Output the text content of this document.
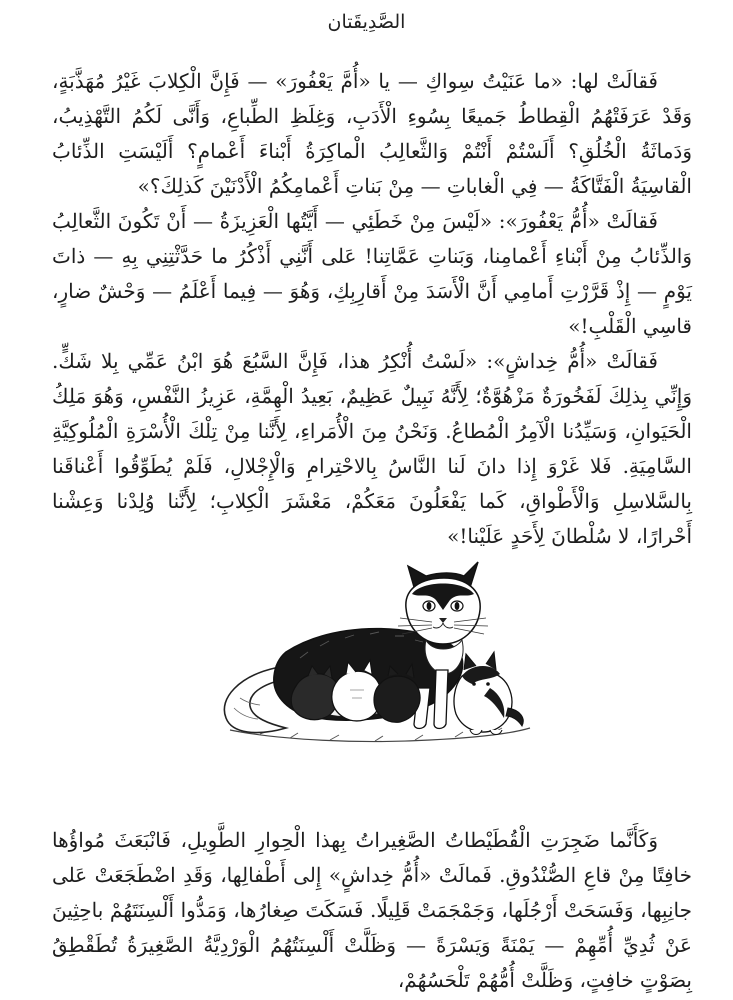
الصَّدِيقَتان

فَقالَتْ لها: «ما عَنَيْتُ سِواكِ — يا «أُمَّ يَعْفُورَ» — فَإِنَّ الْكِلابَ غَيْرُ مُهَذَّبَةٍ، وَقَدْ عَرَفَتْهُمُ الْقِطاطُ جَميعًا بِسُوءِ الْأَدَبِ، وَغِلَظِ الطِّباعِ، وَأَنَّى لَكُمُ التَّهْذِيبُ، وَدَماثَةُ الْخُلُقِ؟ أَلَسْتُمْ أَنْتُمْ وَالثَّعالِبُ الْماكِرَةُ أَبْناءَ أَعْمامٍ؟ أَلَيْسَتِ الذِّئابُ الْقاسِيَةُ الْفَتَّاكَةُ — فِي الْغاباتِ — مِنْ بَناتِ أَعْمامِكُمُ الْأَدْنَيْنَ كَذلِكَ؟»

فَقالَتْ «أُمُّ يَعْفُورَ»: «لَيْسَ مِنْ خَطَئِي — أَيَّتُها الْعَزِيزَةُ — أَنْ تَكُونَ الثَّعالِبُ وَالذِّئابُ مِنْ أَبْناءِ أَعْمامِنا، وَبَناتِ عَمَّاتِنا! عَلى أَنَّنِي أَذْكُرُ ما حَدَّثْتِنِي بِهِ — ذاتَ يَوْمٍ — إِذْ قَرَّرْتِ أَمامِي أَنَّ الْأَسَدَ مِنْ أَقارِبِكِ، وَهُوَ — فِيما أَعْلَمُ — وَحْشٌ ضارٍ، قاسِي الْقَلْبِ!»

فَقالَتْ «أُمُّ خِداشٍ»: «لَسْتُ أُنْكِرُ هذا، فَإِنَّ السَّبُعَ هُوَ ابْنُ عَمِّي بِلا شَكٍّ. وَإِنِّي بِذلِكَ لَفَخُورَةٌ مَزْهُوَّةٌ؛ لِأَنَّهُ نَبِيلٌ عَظِيمٌ، بَعِيدُ الْهِمَّةِ، عَزِيزُ النَّفْسِ، وَهُوَ مَلِكُ الْحَيَوانِ، وَسَيِّدُنا الْآمِرُ الْمُطاعُ. وَنَحْنُ مِنَ الْأُمَراءِ، لِأَنَّنا مِنْ تِلْكَ الْأُسْرَةِ الْمُلُوكِيَّةِ السَّامِيَةِ. فَلا غَرْوَ إِذا دانَ لَنا النَّاسُ بِالاحْتِرامِ وَالْإِجْلالِ، فَلَمْ يُطَوِّقُوا أَعْناقَنا بِالسَّلاسِلِ وَالْأَطْواقِ، كَما يَفْعَلُونَ مَعَكُمْ، مَعْشَرَ الْكِلابِ؛ لِأَنَّنا وُلِدْنا وَعِشْنا أَحْرارًا، لا سُلْطانَ لِأَحَدٍ عَلَيْنا!»

وَكَأَنَّما ضَجِرَتِ الْقُطَيْطاتُ الصَّغِيراتُ بِهذا الْحِوارِ الطَّوِيلِ، فَانْبَعَثَ مُواؤُها خافِتًا مِنْ قاعِ الصُّنْدُوقِ. فَمالَتْ «أُمُّ خِداشٍ» إِلى أَطْفالِها، وَقَدِ اضْطَجَعَتْ عَلى جانِبِها، وَفَسَحَتْ أَرْجُلَها، وَجَمْجَمَتْ قَلِيلًا. فَسَكَتَ صِغارُها، وَمَدُّوا أَلْسِنَتَهُمْ باحِثِينَ عَنْ ثُدِيِّ أُمِّهِمْ — يَمْنَةً وَيَسْرَةً — وَظَلَّتْ أَلْسِنَتُهُمُ الْوَرْدِيَّةُ الصَّغِيرَةُ تُطَقْطِقُ بِصَوْتٍ خافِتٍ، وَظَلَّتْ أُمُّهُمْ تَلْحَسُهُمْ،
